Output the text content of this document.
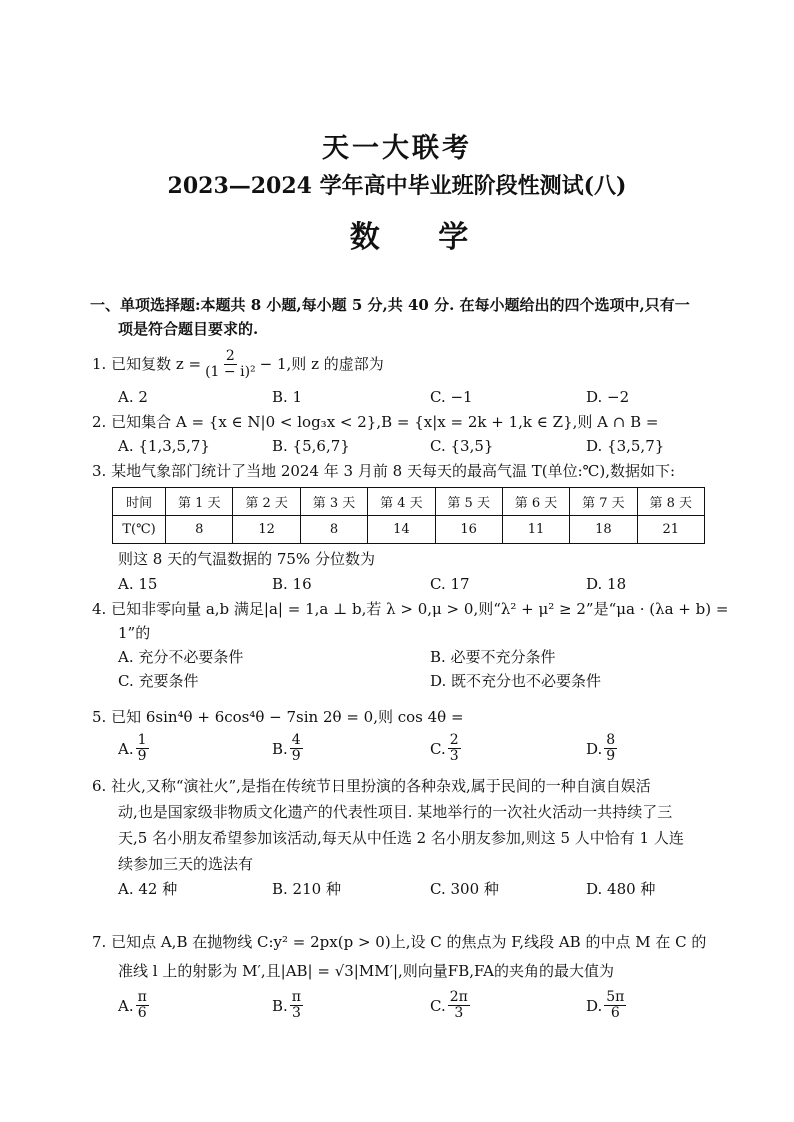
天一大联考
2023—2024 学年高中毕业班阶段性测试(八)
数 学
一、单项选择题:本题共 8 小题,每小题 5 分,共 40 分. 在每小题给出的四个选项中,只有一
项是符合题目要求的.
1. 已知复数 $z = \frac{2}{\text{(1 − i)²}} - 1$,则 z 的虚部为
A. 2	B. 1	C. −1	D. −2
2. 已知集合 A = {x ∈ N|0 < log₃x < 2},B = {x|x = 2k + 1,k ∈ Z},则 A ∩ B =
A. {1,3,5,7}	B. {5,6,7}	C. {3,5}	D. {3,5,7}
3. 某地气象部门统计了当地 2024 年 3 月前 8 天每天的最高气温 T(单位:℃),数据如下:
时间	第 1 天	第 2 天	第 3 天	第 4 天	第 5 天	第 6 天	第 7 天	第 8 天
T(℃)	8	12	8	14	16	11	18	21
则这 8 天的气温数据的 75% 分位数为
A. 15	B. 16	C. 17	D. 18
4. 已知非零向量 a,b 满足|a| = 1,a ⊥ b,若 λ > 0,μ > 0,则“λ² + μ² ≥ 2”是“μa · (λa + b) =
1”的
A. 充分不必要条件	B. 必要不充分条件
C. 充要条件	D. 既不充分也不必要条件
5. 已知 6sin⁴θ + 6cos⁴θ − 7sin 2θ = 0,则 cos 4θ =
A. $\frac{1}{9}$	B. $\frac{4}{9}$	C. $\frac{2}{3}$	D. $\frac{8}{9}$
6. 社火,又称“演社火”,是指在传统节日里扮演的各种杂戏,属于民间的一种自演自娱活
动,也是国家级非物质文化遗产的代表性项目. 某地举行的一次社火活动一共持续了三
天,5 名小朋友希望参加该活动,每天从中任选 2 名小朋友参加,则这 5 人中恰有 1 人连
续参加三天的选法有
A. 42 种	B. 210 种	C. 300 种	D. 480 种
7. 已知点 A,B 在抛物线 C:y² = 2px(p > 0)上,设 C 的焦点为 F,线段 AB 的中点 M 在 C 的
准线 l 上的射影为 M′,且|AB| = √3|MM′|,则向量FB,FA的夹角的最大值为
A. $\frac{\pi}{6}$	B. $\frac{\pi}{3}$	C. $\frac{2\pi}{3}$	D. $\frac{5\pi}{6}$
